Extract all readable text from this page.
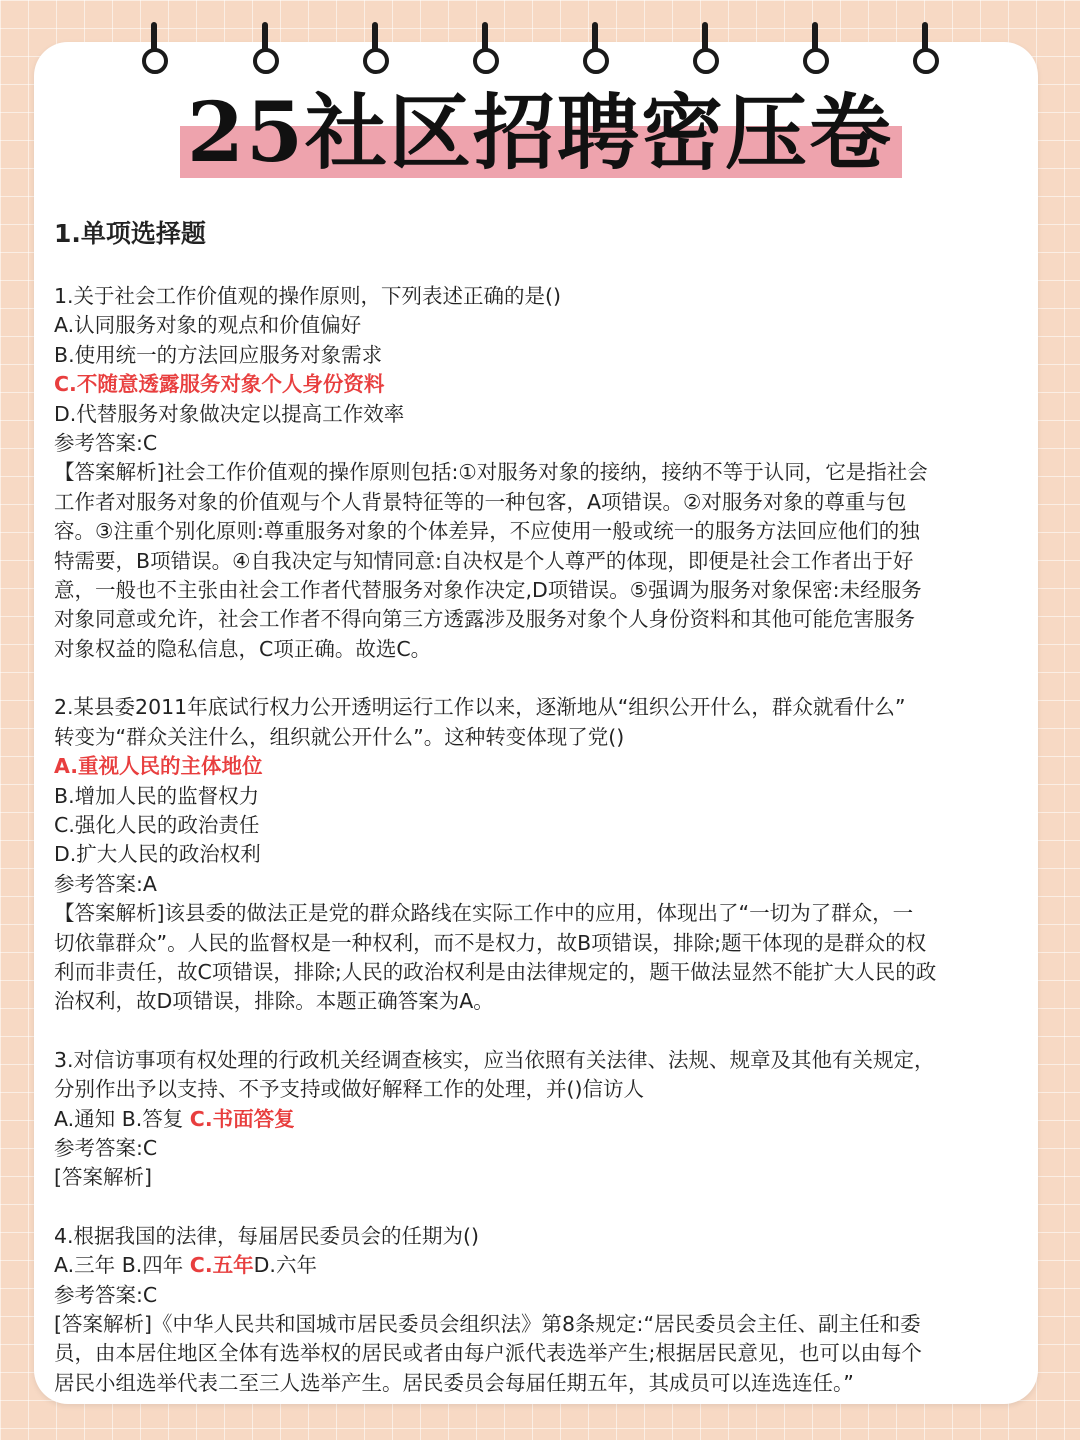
25社区招聘密压卷
1.单项选择题
1.关于社会工作价值观的操作原则，下列表述正确的是()
A.认同服务对象的观点和价值偏好
B.使用统一的方法回应服务对象需求
C.不随意透露服务对象个人身份资料
D.代替服务对象做决定以提高工作效率
参考答案:C
【答案解析]社会工作价值观的操作原则包括:①对服务对象的接纳，接纳不等于认同，它是指社会
工作者对服务对象的价值观与个人背景特征等的一种包客，A项错误。②对服务对象的尊重与包
容。③注重个别化原则:尊重服务对象的个体差异，不应使用一般或统一的服务方法回应他们的独
特需要，B项错误。④自我决定与知情同意:自决权是个人尊严的体现，即便是社会工作者出于好
意，一般也不主张由社会工作者代替服务对象作决定,D项错误。⑤强调为服务对象保密:未经服务
对象同意或允许，社会工作者不得向第三方透露涉及服务对象个人身份资料和其他可能危害服务
对象权益的隐私信息，C项正确。故选C。
2.某县委2011年底试行权力公开透明运行工作以来，逐渐地从“组织公开什么，群众就看什么”
转变为“群众关注什么，组织就公开什么”。这种转变体现了党()
A.重视人民的主体地位
B.增加人民的监督权力
C.强化人民的政治责任
D.扩大人民的政治权利
参考答案:A
【答案解析]该县委的做法正是党的群众路线在实际工作中的应用，体现出了“一切为了群众，一
切依靠群众”。人民的监督权是一种权利，而不是权力，故B项错误，排除;题干体现的是群众的权
利而非责任，故C项错误，排除;人民的政治权利是由法律规定的，题干做法显然不能扩大人民的政
治权利，故D项错误，排除。本题正确答案为A。
3.对信访事项有权处理的行政机关经调查核实，应当依照有关法律、法规、规章及其他有关规定，
分别作出予以支持、不予支持或做好解释工作的处理，并()信访人
A.通知 B.答复 C.书面答复
参考答案:C
[答案解析]
4.根据我国的法律，每届居民委员会的任期为()
A.三年 B.四年 C.五年D.六年
参考答案:C
[答案解析]《中华人民共和国城市居民委员会组织法》第8条规定:“居民委员会主任、副主任和委
员，由本居住地区全体有选举权的居民或者由每户派代表选举产生;根据居民意见，也可以由每个
居民小组选举代表二至三人选举产生。居民委员会每届任期五年，其成员可以连选连任。”
